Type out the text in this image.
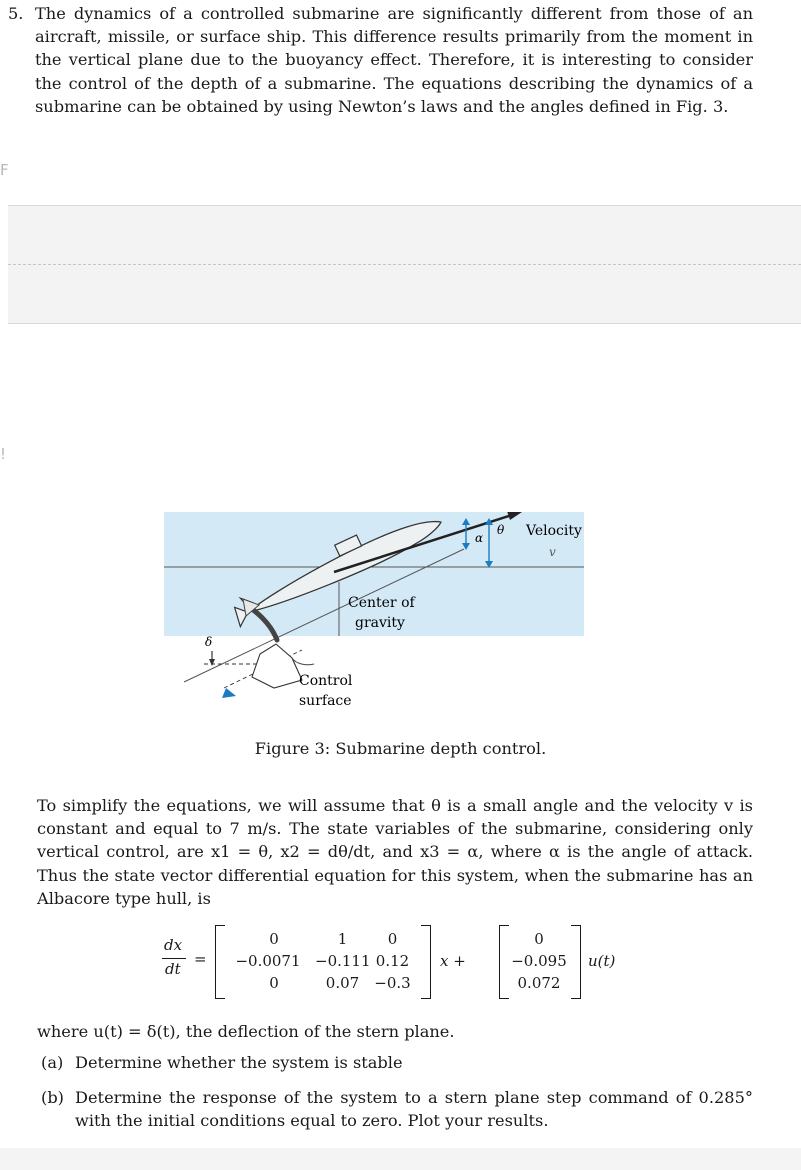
5. The dynamics of a controlled submarine are significantly different from those of an aircraft, missile, or surface ship. This difference results primarily from the moment in the vertical plane due to the buoyancy effect. Therefore, it is interesting to consider the control of the depth of a submarine. The equations describing the dynamics of a submarine can be obtained by using Newton’s laws and the angles defined in Fig. 3.
F
!
α
θ Velocity
v
Center of
gravity
δ
Control
surface
Figure 3: Submarine depth control.
To simplify the equations, we will assume that θ is a small angle and the velocity v is constant and equal to 7 m/s. The state variables of the submarine, considering only vertical control, are x1 = θ, x2 = dθ/dt, and x3 = α, where α is the angle of attack. Thus the state vector differential equation for this system, when the submarine has an Albacore type hull, is
dx
dt
=
0	1	0
−0.0071 −0.111 0.12
0	0.07	−0.3
x +
0
−0.095
0.072
u(t)
where u(t) = δ(t), the deflection of the stern plane.
(a) Determine whether the system is stable
(b) Determine the response of the system to a stern plane step command of 0.285° with the initial conditions equal to zero. Plot your results.
